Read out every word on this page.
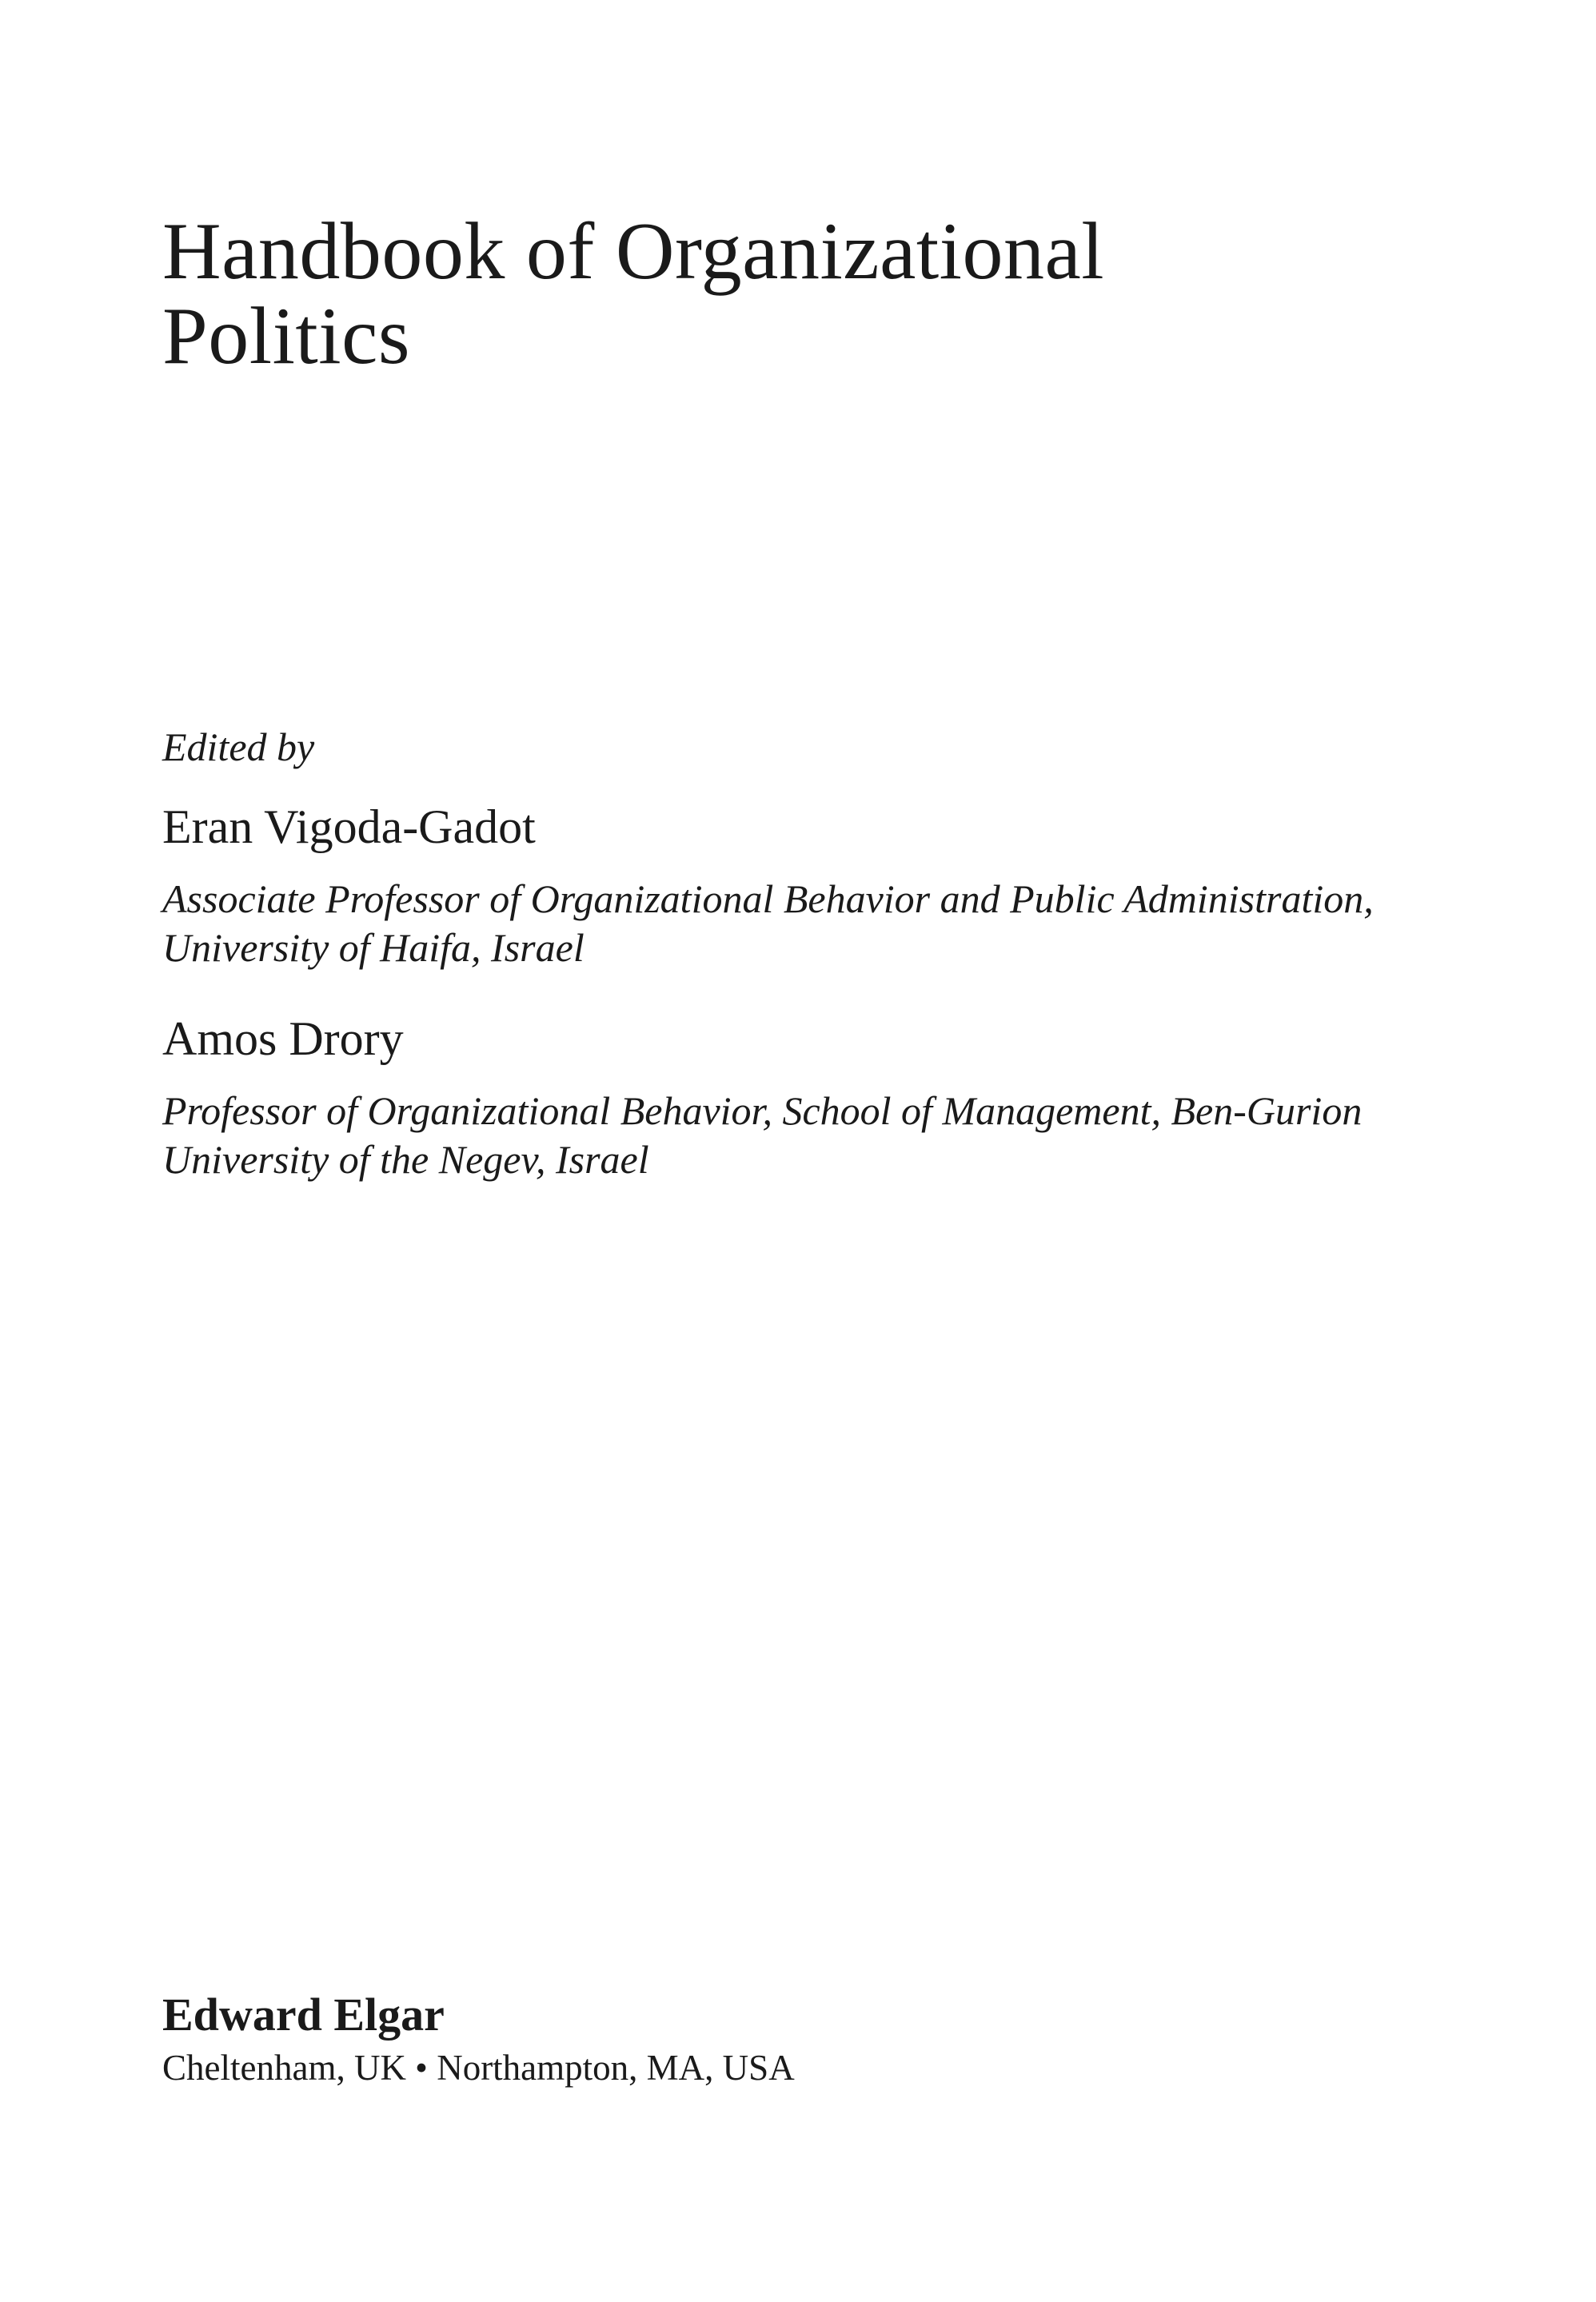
Handbook of Organizational
Politics
Edited by
Eran Vigoda-Gadot
Associate Professor of Organizational Behavior and Public Administration,
University of Haifa, Israel
Amos Drory
Professor of Organizational Behavior, School of Management, Ben-Gurion
University of the Negev, Israel
Edward Elgar
Cheltenham, UK • Northampton, MA, USA
